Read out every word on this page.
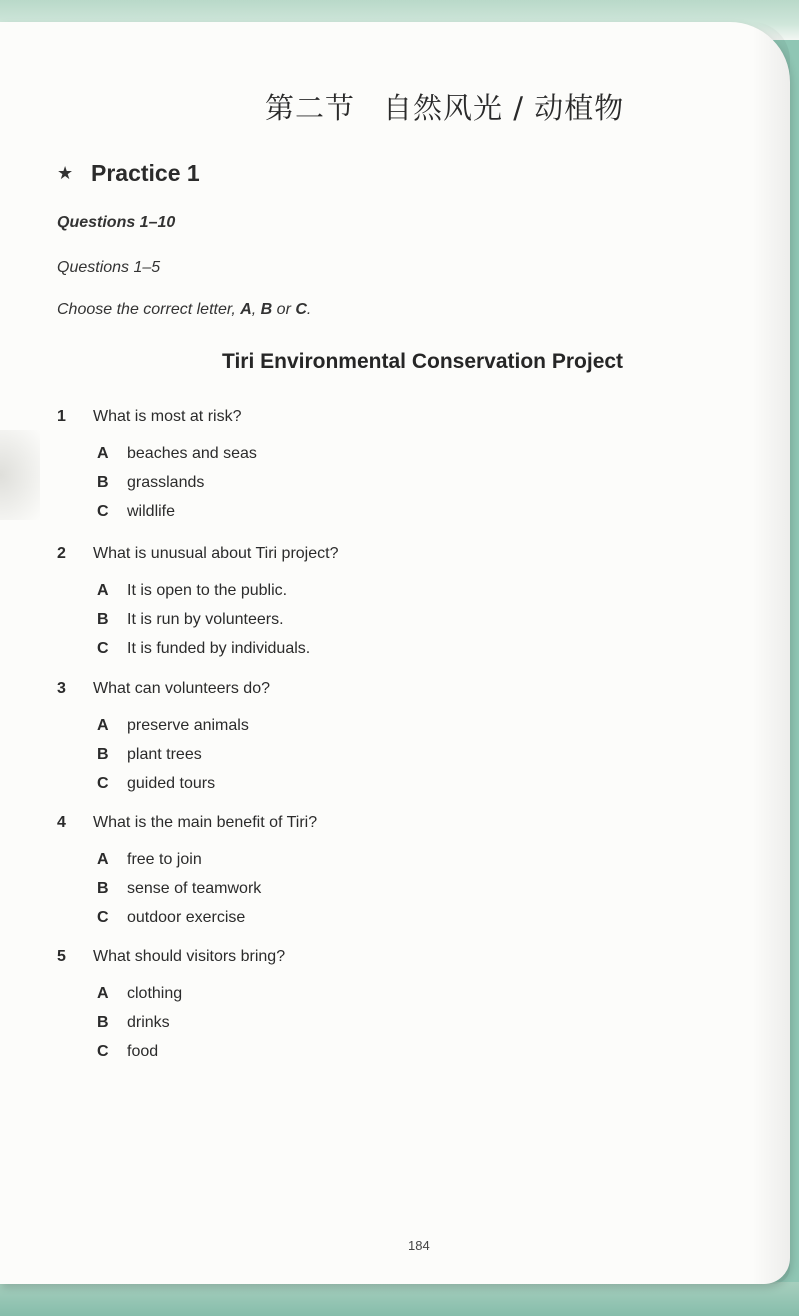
第二节 自然风光 / 动植物
★ Practice 1
Questions 1–10
Questions 1–5
Choose the correct letter, A, B or C.
Tiri Environmental Conservation Project
1	What is most at risk?
A	beaches and seas
B	grasslands
C	wildlife
2	What is unusual about Tiri project?
A	It is open to the public.
B	It is run by volunteers.
C	It is funded by individuals.
3	What can volunteers do?
A	preserve animals
B	plant trees
C	guided tours
4	What is the main benefit of Tiri?
A	free to join
B	sense of teamwork
C	outdoor exercise
5	What should visitors bring?
A	clothing
B	drinks
C	food
184
